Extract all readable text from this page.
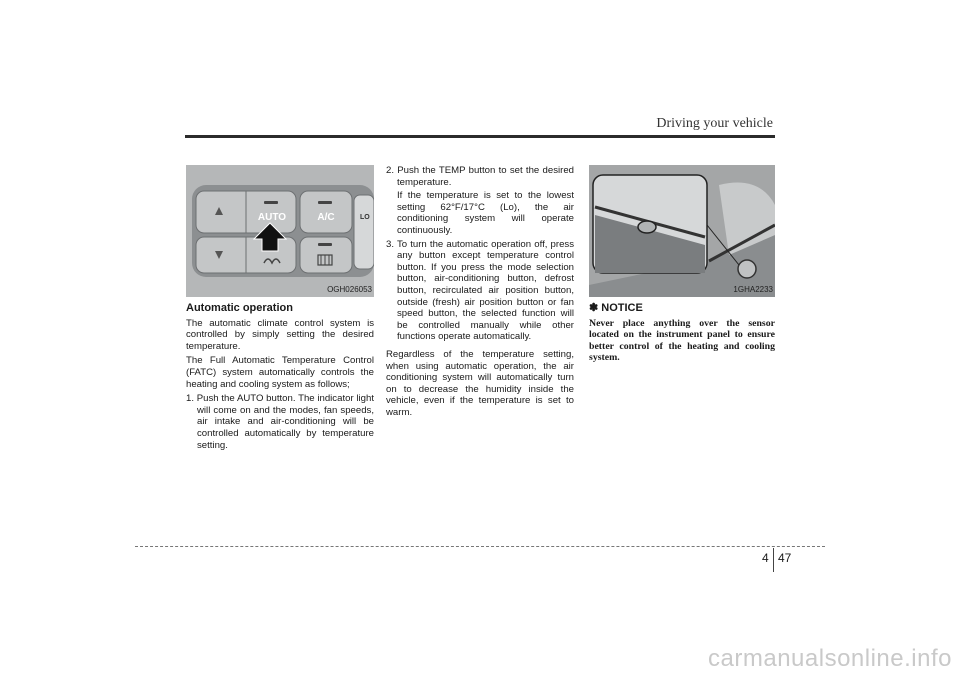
Driving your vehicle
AUTO	A/C	LO
OGH026053
Automatic operation

The automatic climate control system is controlled by simply setting the desired temperature.

The Full Automatic Temperature Control (FATC) system automatically controls the heating and cooling system as follows;

1. Push the AUTO button. The indicator light will come on and the modes, fan speeds, air intake and air-conditioning will be controlled automatically by temperature setting.
2. Push the TEMP button to set the desired temperature.
If the temperature is set to the lowest setting 62°F/17°C (Lo), the air conditioning system will operate continuously.
3. To turn the automatic operation off, press any button except temperature control button. If you press the mode selection button, air-conditioning button, defrost button, recirculated air position button, outside (fresh) air position button or fan speed button, the selected function will be controlled manually while other functions operate automatically.

Regardless of the temperature setting, when using automatic operation, the air conditioning system will automatically turn on to decrease the humidity inside the vehicle, even if the temperature is set to warm.

1GHA2233
✽ NOTICE
Never place anything over the sensor located on the instrument panel to ensure better control of the heating and cooling system.
4 47
carmanualsonline.info
